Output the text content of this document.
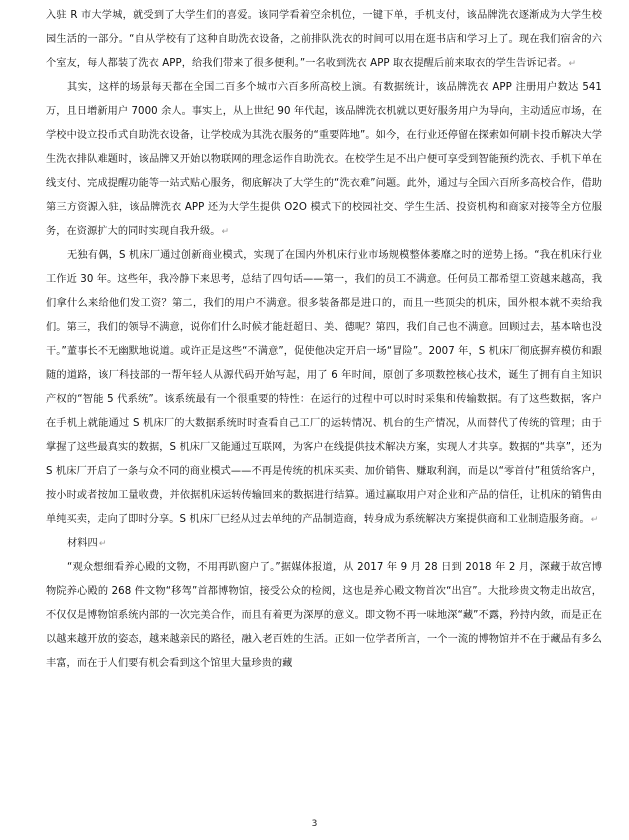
入驻 R 市大学城，就受到了大学生们的喜爱。该同学看着空余机位，一键下单，手机支付，该品牌洗衣逐渐成为大学生校园生活的一部分。“自从学校有了这种自助洗衣设备，之前排队洗衣的时间可以用在逛书店和学习上了。现在我们宿舍的六个室友，每人都装了洗衣 APP，给我们带来了很多便利。”一名收到洗衣 APP 取衣提醒后前来取衣的学生告诉记者。↵

其实，这样的场景每天都在全国二百多个城市六百多所高校上演。有数据统计，该品牌洗衣 APP 注册用户数达 541 万，且日增新用户 7000 余人。事实上，从上世纪 90 年代起，该品牌洗衣机就以更好服务用户为导向，主动适应市场，在学校中设立投币式自助洗衣设备，让学校成为其洗衣服务的“重要阵地”。如今，在行业还停留在探索如何刷卡投币解决大学生洗衣排队难题时，该品牌又开始以物联网的理念运作自助洗衣。在校学生足不出户便可享受到智能预约洗衣、手机下单在线支付、完成提醒功能等一站式贴心服务，彻底解决了大学生的“洗衣难”问题。此外，通过与全国六百所多高校合作，借助第三方资源入驻，该品牌洗衣 APP 还为大学生提供 O2O 模式下的校园社交、学生生活、投资机构和商家对接等全方位服务，在资源扩大的同时实现自我升级。↵

无独有偶，S 机床厂通过创新商业模式，实现了在国内外机床行业市场规模整体萎靡之时的逆势上扬。“我在机床行业工作近 30 年。这些年，我冷静下来思考，总结了四句话——第一，我们的员工不满意。任何员工都希望工资越来越高，我们拿什么来给他们发工资？第二，我们的用户不满意。很多装备都是进口的，而且一些顶尖的机床，国外根本就不卖给我们。第三，我们的领导不满意，说你们什么时候才能赶超日、美、德呢？第四，我们自己也不满意。回顾过去，基本啥也没干。”董事长不无幽默地说道。或许正是这些“不满意”，促使他决定开启一场“冒险”。2007 年，S 机床厂彻底摒弃模仿和跟随的道路，该厂科技部的一帮年轻人从源代码开始写起，用了 6 年时间，原创了多项数控核心技术，诞生了拥有自主知识产权的“智能 5 代系统”。该系统最有一个很重要的特性：在运行的过程中可以时时采集和传输数据。有了这些数据，客户在手机上就能通过 S 机床厂的大数据系统时时查看自己工厂的运转情况、机台的生产情况，从而替代了传统的管理；由于掌握了这些最真实的数据，S 机床厂又能通过互联网，为客户在线提供技术解决方案，实现人才共享。数据的“共享”，还为 S 机床厂开启了一条与众不同的商业模式——不再是传统的机床买卖、加价销售、赚取利润，而是以“零首付”租赁给客户，按小时或者按加工量收费，并依据机床运转传输回来的数据进行结算。通过赢取用户对企业和产品的信任，让机床的销售由单纯买卖，走向了即时分享。S 机床厂已经从过去单纯的产品制造商，转身成为系统解决方案提供商和工业制造服务商。↵

材料四↵

“观众想细看养心殿的文物，不用再趴窗户了。”据媒体报道，从 2017 年 9 月 28 日到 2018 年 2 月，深藏于故宫博物院养心殿的 268 件文物“移驾”首都博物馆，接受公众的检阅，这也是养心殿文物首次“出宫”。大批珍贵文物走出故宫，不仅仅是博物馆系统内部的一次完美合作，而且有着更为深厚的意义。即文物不再一味地深“藏”不露，矜持内敛，而是正在以越来越开放的姿态，越来越亲民的路径，融入老百姓的生活。正如一位学者所言，一个一流的博物馆并不在于藏品有多么丰富，而在于人们要有机会看到这个馆里大量珍贵的藏

3
